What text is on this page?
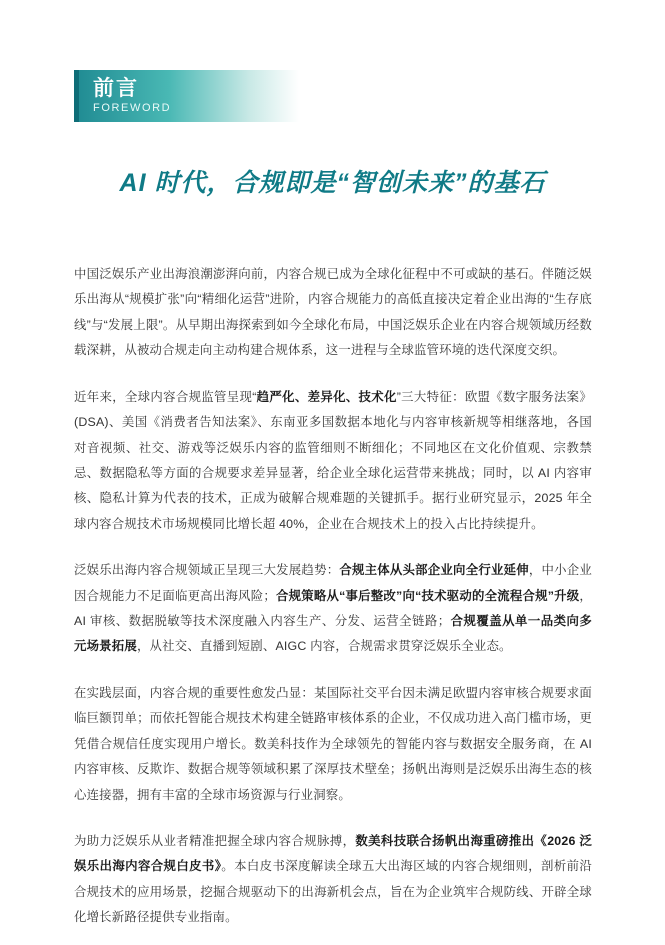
前言
FOREWORD
AI 时代，合规即是“智创未来”的基石

中国泛娱乐产业出海浪潮澎湃向前，内容合规已成为全球化征程中不可或缺的基石。伴随泛娱乐出海从“规模扩张”向“精细化运营”进阶，内容合规能力的高低直接决定着企业出海的“生存底线”与“发展上限”。从早期出海探索到如今全球化布局，中国泛娱乐企业在内容合规领域历经数载深耕，从被动合规走向主动构建合规体系，这一进程与全球监管环境的迭代深度交织。

近年来，全球内容合规监管呈现“趋严化、差异化、技术化”三大特征：欧盟《数字服务法案》(DSA)、美国《消费者告知法案》、东南亚多国数据本地化与内容审核新规等相继落地，各国对音视频、社交、游戏等泛娱乐内容的监管细则不断细化；不同地区在文化价值观、宗教禁忌、数据隐私等方面的合规要求差异显著，给企业全球化运营带来挑战；同时，以 AI 内容审核、隐私计算为代表的技术，正成为破解合规难题的关键抓手。据行业研究显示，2025 年全球内容合规技术市场规模同比增长超 40%，企业在合规技术上的投入占比持续提升。

泛娱乐出海内容合规领域正呈现三大发展趋势：合规主体从头部企业向全行业延伸，中小企业因合规能力不足面临更高出海风险；合规策略从“事后整改”向“技术驱动的全流程合规”升级，AI 审核、数据脱敏等技术深度融入内容生产、分发、运营全链路；合规覆盖从单一品类向多元场景拓展，从社交、直播到短剧、AIGC 内容，合规需求贯穿泛娱乐全业态。

在实践层面，内容合规的重要性愈发凸显：某国际社交平台因未满足欧盟内容审核合规要求面临巨额罚单；而依托智能合规技术构建全链路审核体系的企业，不仅成功进入高门槛市场，更凭借合规信任度实现用户增长。数美科技作为全球领先的智能内容与数据安全服务商，在 AI 内容审核、反欺诈、数据合规等领域积累了深厚技术壁垒；扬帆出海则是泛娱乐出海生态的核心连接器，拥有丰富的全球市场资源与行业洞察。

为助力泛娱乐从业者精准把握全球内容合规脉搏，数美科技联合扬帆出海重磅推出《2026 泛娱乐出海内容合规白皮书》。本白皮书深度解读全球五大出海区域的内容合规细则，剖析前沿合规技术的应用场景，挖掘合规驱动下的出海新机会点，旨在为企业筑牢合规防线、开辟全球化增长新路径提供专业指南。
